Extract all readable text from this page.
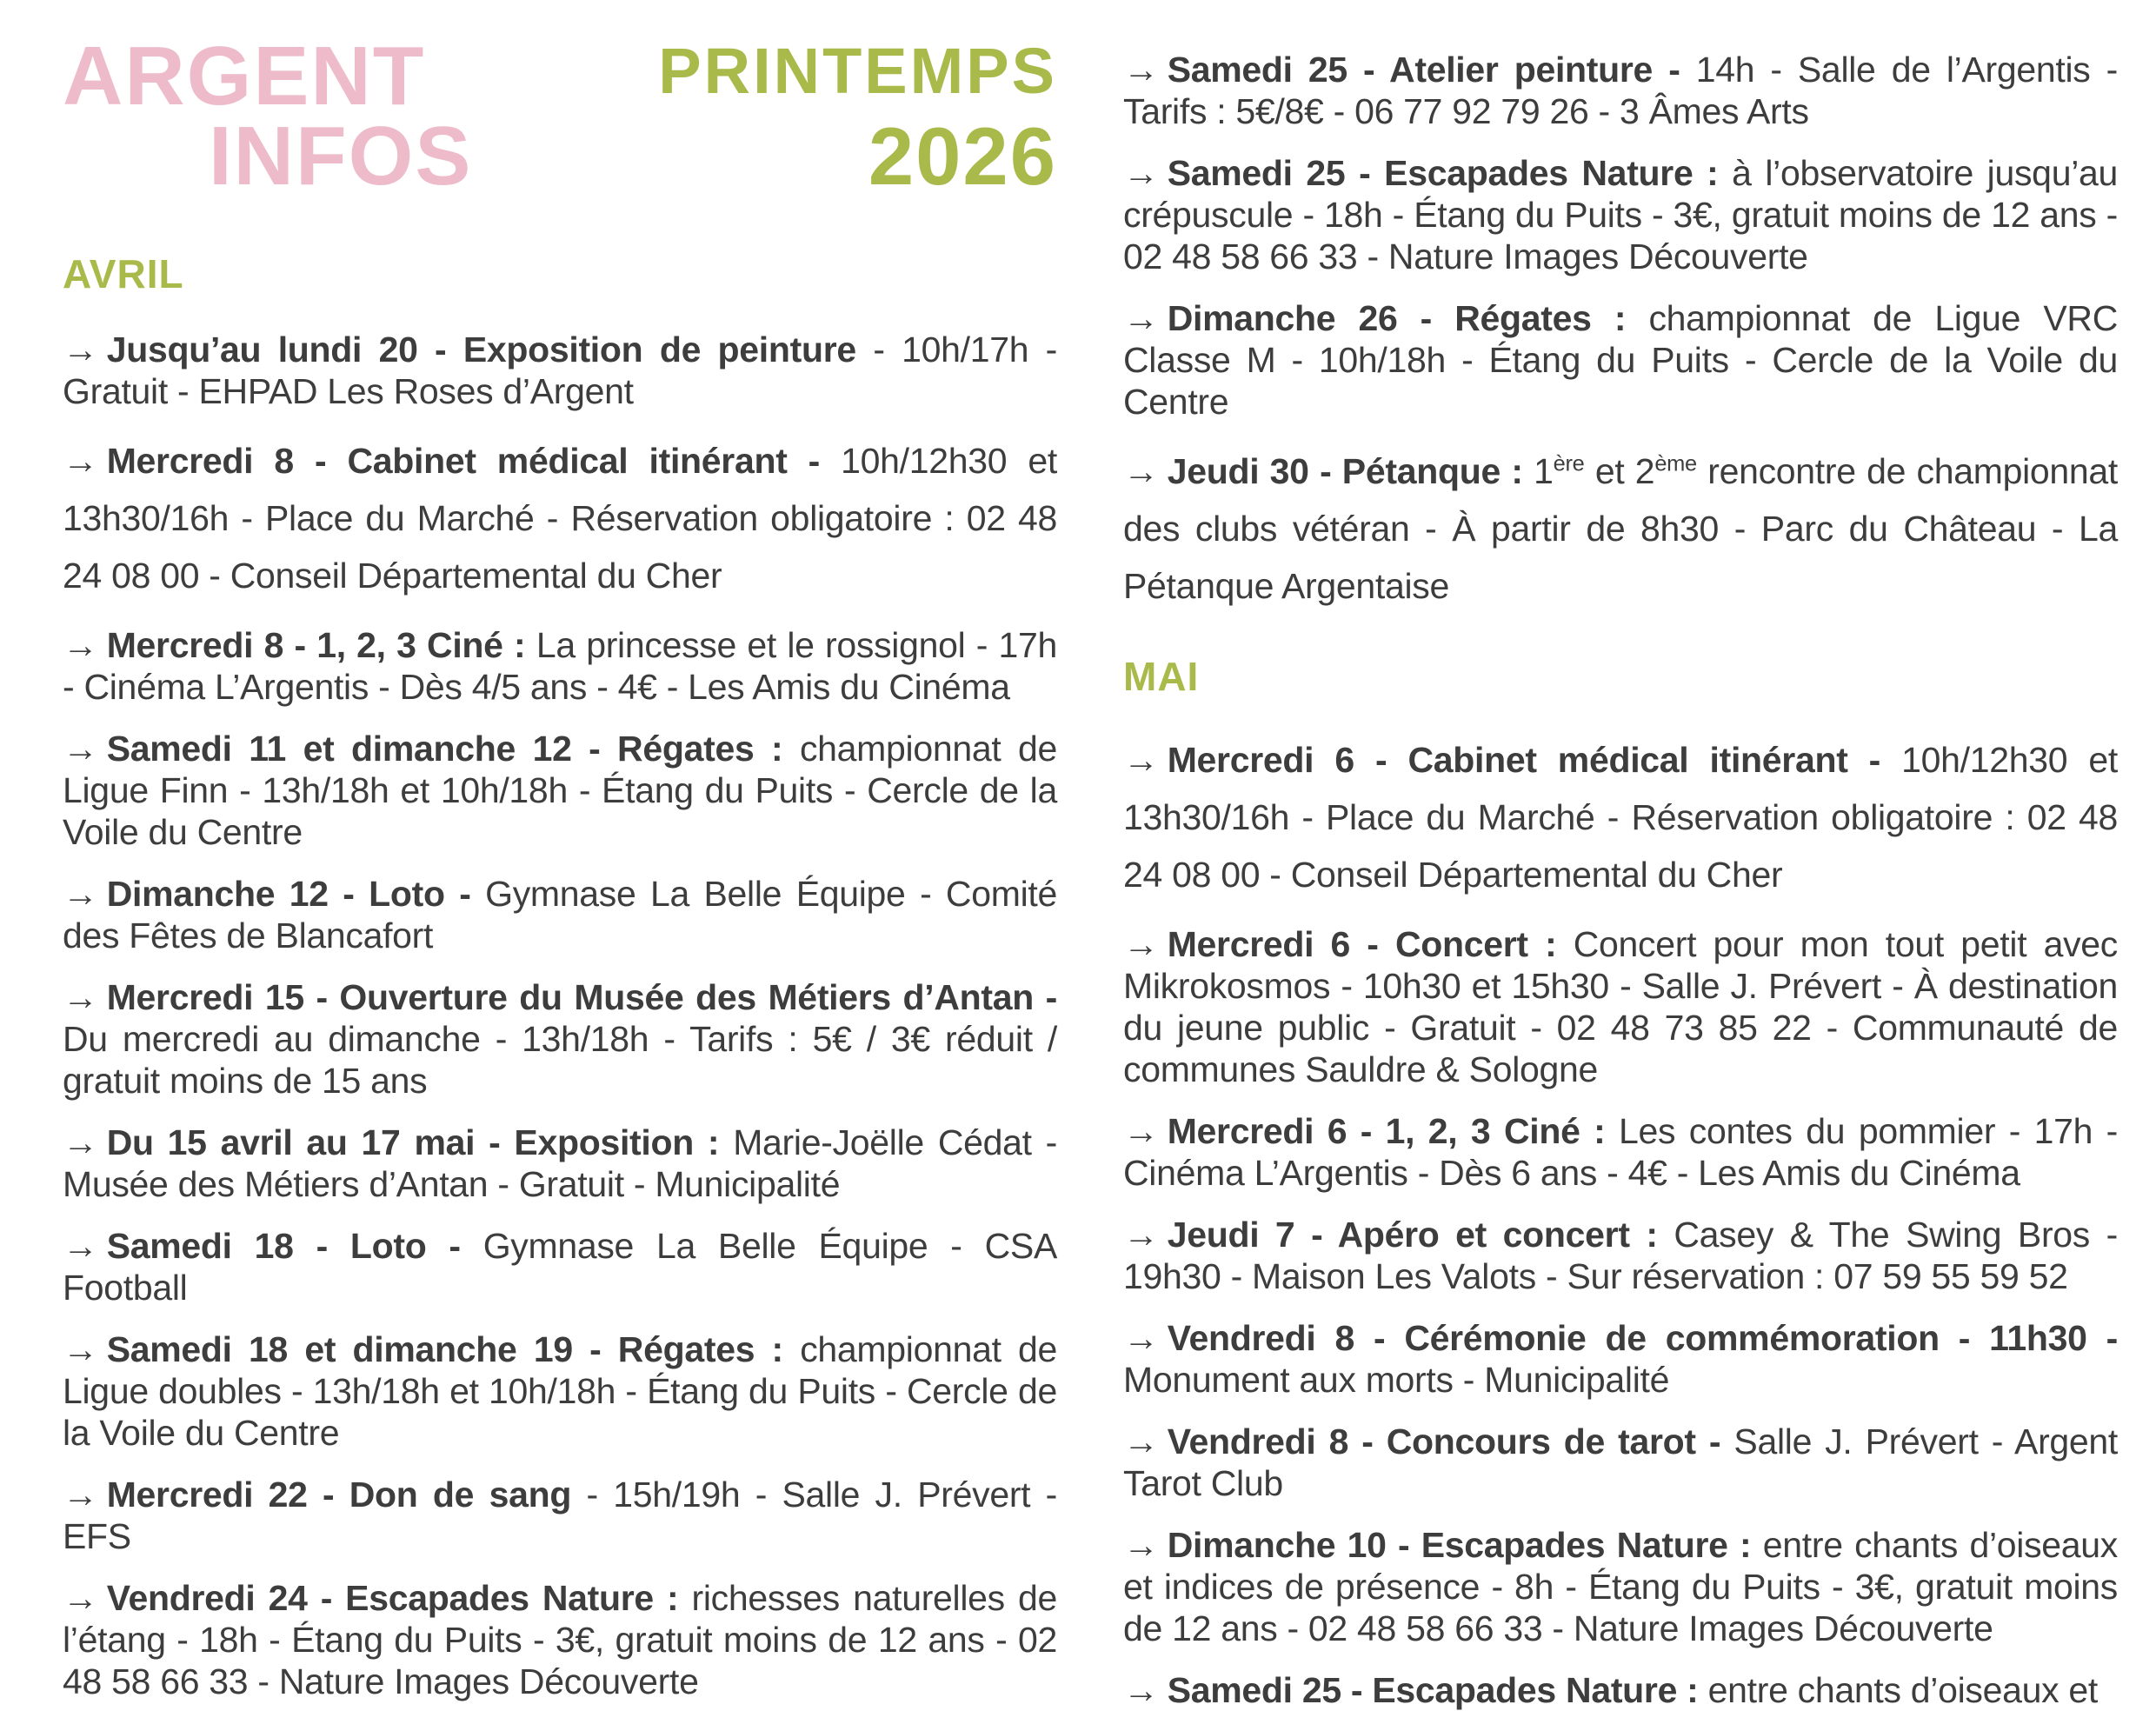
ARGENT
INFOS
PRINTEMPS
2026
AVRIL

→ Jusqu’au lundi 20 - Exposition de peinture - 10h/17h - Gratuit - EHPAD Les Roses d’Argent

→ Mercredi 8 - Cabinet médical itinérant - 10h/12h30 et 13h30/16h - Place du Marché - Réservation obligatoire : 02 48 24 08 00 - Conseil Départemental du Cher

→ Mercredi 8 - 1, 2, 3 Ciné : La princesse et le rossignol - 17h - Cinéma L’Argentis - Dès 4/5 ans - 4€ - Les Amis du Cinéma

→ Samedi 11 et dimanche 12 - Régates : championnat de Ligue Finn - 13h/18h et 10h/18h - Étang du Puits - Cercle de la Voile du Centre

→ Dimanche 12 - Loto - Gymnase La Belle Équipe - Comité des Fêtes de Blancafort

→ Mercredi 15 - Ouverture du Musée des Métiers d’Antan - Du mercredi au dimanche - 13h/18h - Tarifs : 5€ / 3€ réduit / gratuit moins de 15 ans

→ Du 15 avril au 17 mai - Exposition : Marie-Joëlle Cédat - Musée des Métiers d’Antan - Gratuit - Municipalité

→ Samedi 18 - Loto - Gymnase La Belle Équipe - CSA Football

→ Samedi 18 et dimanche 19 - Régates : championnat de Ligue doubles - 13h/18h et 10h/18h - Étang du Puits - Cercle de la Voile du Centre

→ Mercredi 22 - Don de sang - 15h/19h - Salle J. Prévert - EFS

→ Vendredi 24 - Escapades Nature : richesses naturelles de l’étang - 18h - Étang du Puits - 3€, gratuit moins de 12 ans - 02 48 58 66 33 - Nature Images Découverte

→ Samedi 25 - Atelier peinture - 14h - Salle de l’Argentis - Tarifs : 5€/8€ - 06 77 92 79 26 - 3 Âmes Arts

→ Samedi 25 - Escapades Nature : à l’observatoire jusqu’au crépuscule - 18h - Étang du Puits - 3€, gratuit moins de 12 ans - 02 48 58 66 33 - Nature Images Découverte

→ Dimanche 26 - Régates : championnat de Ligue VRC Classe M - 10h/18h - Étang du Puits - Cercle de la Voile du Centre

→ Jeudi 30 - Pétanque : 1ère et 2ème rencontre de championnat des clubs vétéran - À partir de 8h30 - Parc du Château - La Pétanque Argentaise

MAI

→ Mercredi 6 - Cabinet médical itinérant - 10h/12h30 et 13h30/16h - Place du Marché - Réservation obligatoire : 02 48 24 08 00 - Conseil Départemental du Cher

→ Mercredi 6 - Concert : Concert pour mon tout petit avec Mikrokosmos - 10h30 et 15h30 - Salle J. Prévert - À destination du jeune public - Gratuit - 02 48 73 85 22 - Communauté de communes Sauldre & Sologne

→ Mercredi 6 - 1, 2, 3 Ciné : Les contes du pommier - 17h - Cinéma L’Argentis - Dès 6 ans - 4€ - Les Amis du Cinéma

→ Jeudi 7 - Apéro et concert : Casey & The Swing Bros - 19h30 - Maison Les Valots - Sur réservation : 07 59 55 59 52

→ Vendredi 8 - Cérémonie de commémoration - 11h30 - Monument aux morts - Municipalité

→ Vendredi 8 - Concours de tarot - Salle J. Prévert - Argent Tarot Club

→ Dimanche 10 - Escapades Nature : entre chants d’oiseaux et indices de présence - 8h - Étang du Puits - 3€, gratuit moins de 12 ans - 02 48 58 66 33 - Nature Images Découverte

→ Samedi 25 - Escapades Nature : entre chants d’oiseaux et
